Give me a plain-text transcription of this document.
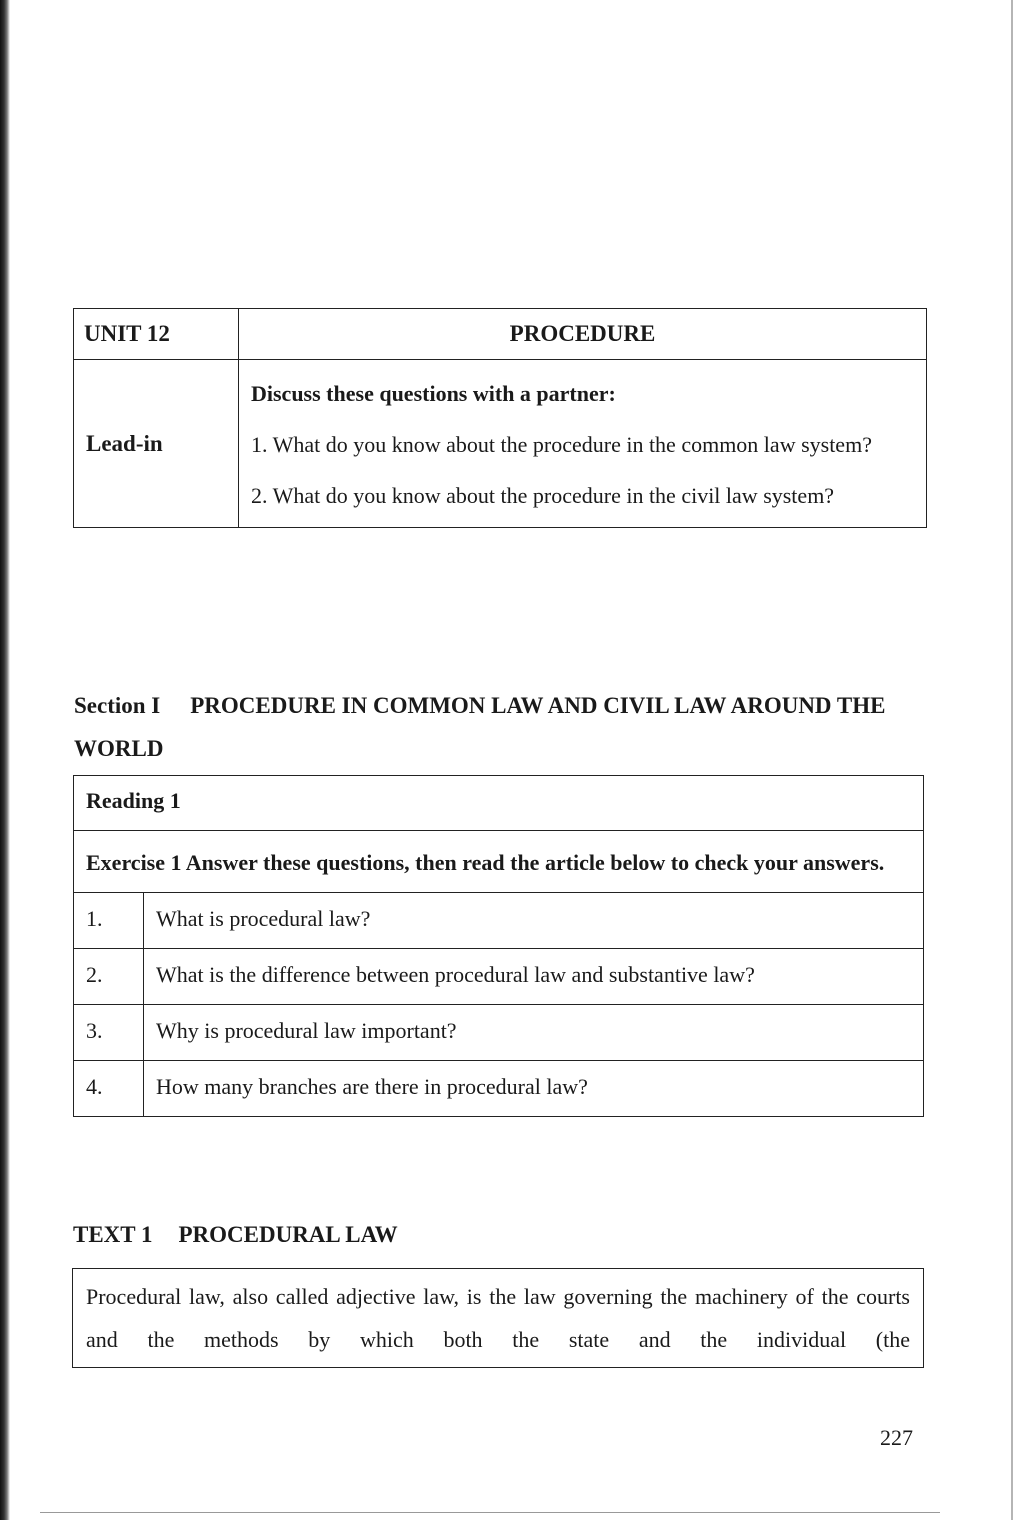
UNIT 12	PROCEDURE
Lead-in	Discuss these questions with a partner:

1. What do you know about the procedure in the common law system?

2. What do you know about the procedure in the civil law system?

Section I PROCEDURE IN COMMON LAW AND CIVIL LAW AROUND THE WORLD
Reading 1	
Exercise 1 Answer these questions, then read the article below to check your answers.	
1.	What is procedural law?
2.	What is the difference between procedural law and substantive law?
3.	Why is procedural law important?
4.	How many branches are there in procedural law?
TEXT 1 PROCEDURAL LAW
Procedural law, also called adjective law, is the law governing the machinery of the courts and the methods by which both the state and the individual (the
227
